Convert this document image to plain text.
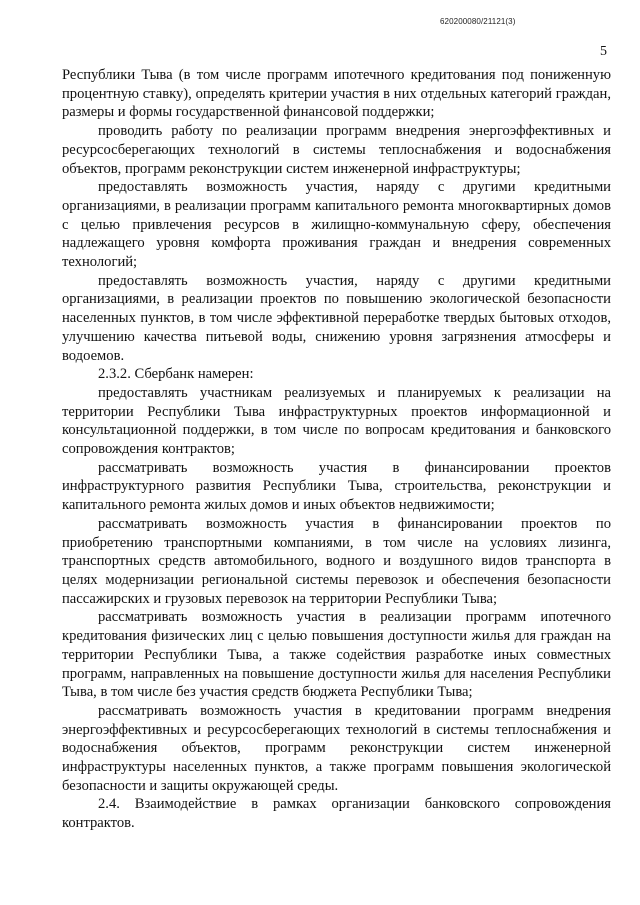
620200080/21121(3)
5

Республики Тыва (в том числе программ ипотечного кредитования под пониженную процентную ставку), определять критерии участия в них отдельных категорий граждан, размеры и формы государственной финансовой поддержки;

проводить работу по реализации программ внедрения энергоэффективных и ресурсосберегающих технологий в системы теплоснабжения и водоснабжения объектов, программ реконструкции систем инженерной инфраструктуры;

предоставлять возможность участия, наряду с другими кредитными организациями, в реализации программ капитального ремонта многоквартирных домов с целью привлечения ресурсов в жилищно-коммунальную сферу, обеспечения надлежащего уровня комфорта проживания граждан и внедрения современных технологий;

предоставлять возможность участия, наряду с другими кредитными организациями, в реализации проектов по повышению экологической безопасности населенных пунктов, в том числе эффективной переработке твердых бытовых отходов, улучшению качества питьевой воды, снижению уровня загрязнения атмосферы и водоемов.

2.3.2. Сбербанк намерен:

предоставлять участникам реализуемых и планируемых к реализации на территории Республики Тыва инфраструктурных проектов информационной и консультационной поддержки, в том числе по вопросам кредитования и банковского сопровождения контрактов;

рассматривать возможность участия в финансировании проектов инфраструктурного развития Республики Тыва, строительства, реконструкции и капитального ремонта жилых домов и иных объектов недвижимости;

рассматривать возможность участия в финансировании проектов по приобретению транспортными компаниями, в том числе на условиях лизинга, транспортных средств автомобильного, водного и воздушного видов транспорта в целях модернизации региональной системы перевозок и обеспечения безопасности пассажирских и грузовых перевозок на территории Республики Тыва;

рассматривать возможность участия в реализации программ ипотечного кредитования физических лиц с целью повышения доступности жилья для граждан на территории Республики Тыва, а также содействия разработке иных совместных программ, направленных на повышение доступности жилья для населения Республики Тыва, в том числе без участия средств бюджета Республики Тыва;

рассматривать возможность участия в кредитовании программ внедрения энергоэффективных и ресурсосберегающих технологий в системы теплоснабжения и водоснабжения объектов, программ реконструкции систем инженерной инфраструктуры населенных пунктов, а также программ повышения экологической безопасности и защиты окружающей среды.

2.4. Взаимодействие в рамках организации банковского сопровождения контрактов.
